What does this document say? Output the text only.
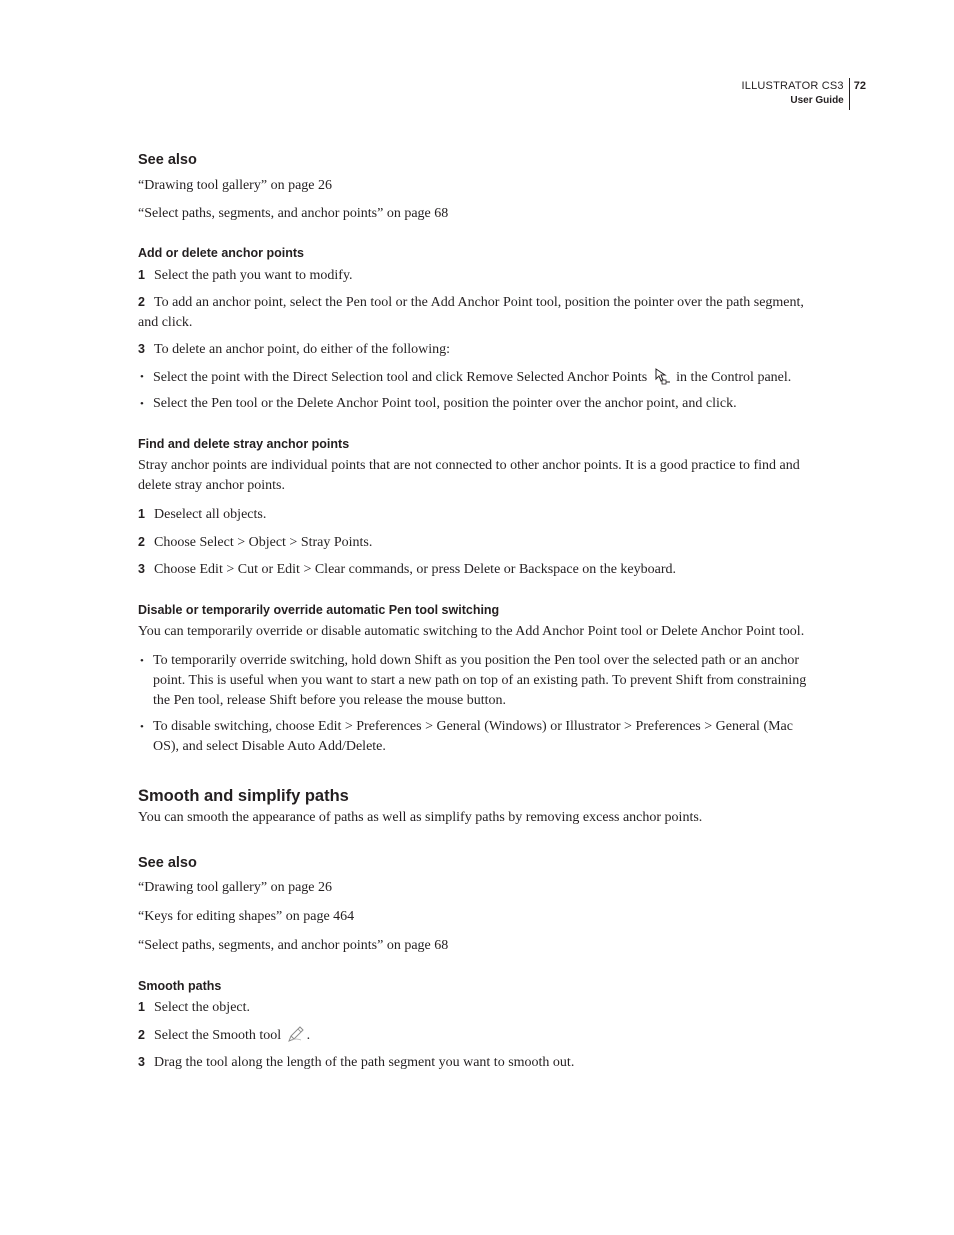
ILLUSTRATOR CS3
User Guide
72
See also

“Drawing tool gallery” on page 26

“Select paths, segments, and anchor points” on page 68

Add or delete anchor points

1 Select the path you want to modify.

2 To add an anchor point, select the Pen tool or the Add Anchor Point tool, position the pointer over the path segment, and click.

3 To delete an anchor point, do either of the following:

• Select the point with the Direct Selection tool and click Remove Selected Anchor Points in the Control panel.

• Select the Pen tool or the Delete Anchor Point tool, position the pointer over the anchor point, and click.

Find and delete stray anchor points

Stray anchor points are individual points that are not connected to other anchor points. It is a good practice to find and delete stray anchor points.

1 Deselect all objects.

2 Choose Select > Object > Stray Points.

3 Choose Edit > Cut or Edit > Clear commands, or press Delete or Backspace on the keyboard.

Disable or temporarily override automatic Pen tool switching

You can temporarily override or disable automatic switching to the Add Anchor Point tool or Delete Anchor Point tool.

• To temporarily override switching, hold down Shift as you position the Pen tool over the selected path or an anchor point. This is useful when you want to start a new path on top of an existing path. To prevent Shift from constraining the Pen tool, release Shift before you release the mouse button.

• To disable switching, choose Edit > Preferences > General (Windows) or Illustrator > Preferences > General (Mac OS), and select Disable Auto Add/Delete.

Smooth and simplify paths

You can smooth the appearance of paths as well as simplify paths by removing excess anchor points.

See also

“Drawing tool gallery” on page 26

“Keys for editing shapes” on page 464

“Select paths, segments, and anchor points” on page 68

Smooth paths

1 Select the object.

2 Select the Smooth tool .

3 Drag the tool along the length of the path segment you want to smooth out.
